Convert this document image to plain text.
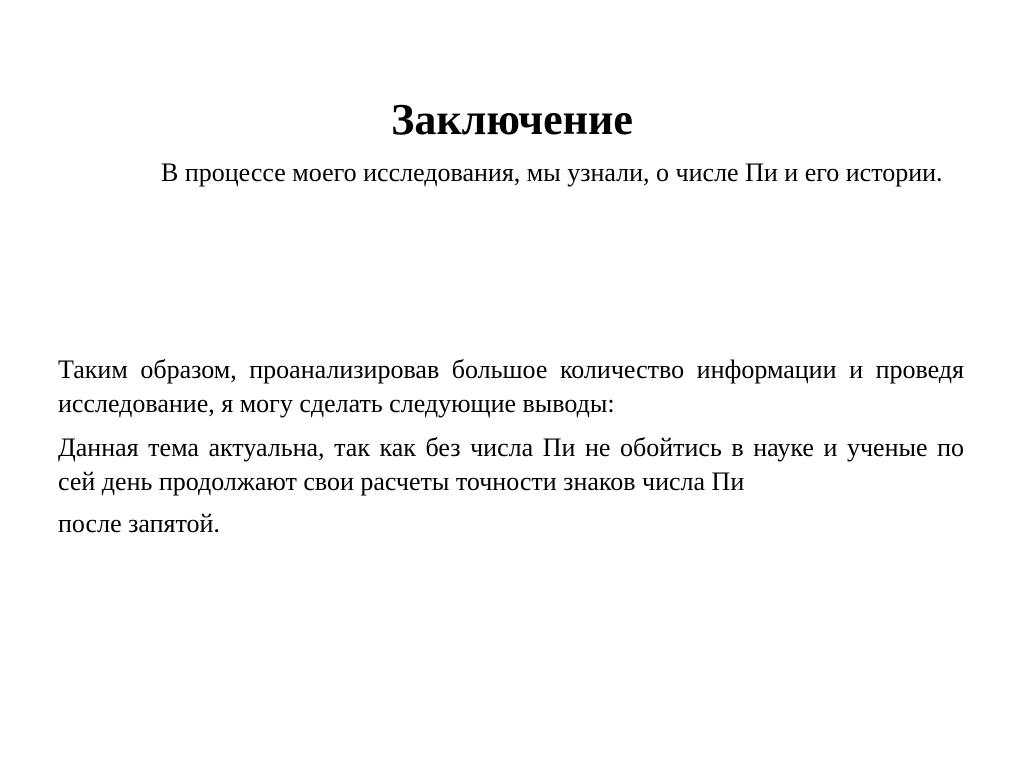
Заключение

В процессе моего исследования, мы узнали, о числе Пи и его истории.

Таким образом, проанализировав большое количество информации и проведя исследование, я могу сделать следующие выводы:

Данная тема актуальна, так как без числа Пи не обойтись в науке и ученые по сей день продолжают свои расчеты точности знаков числа Пи

после запятой.
